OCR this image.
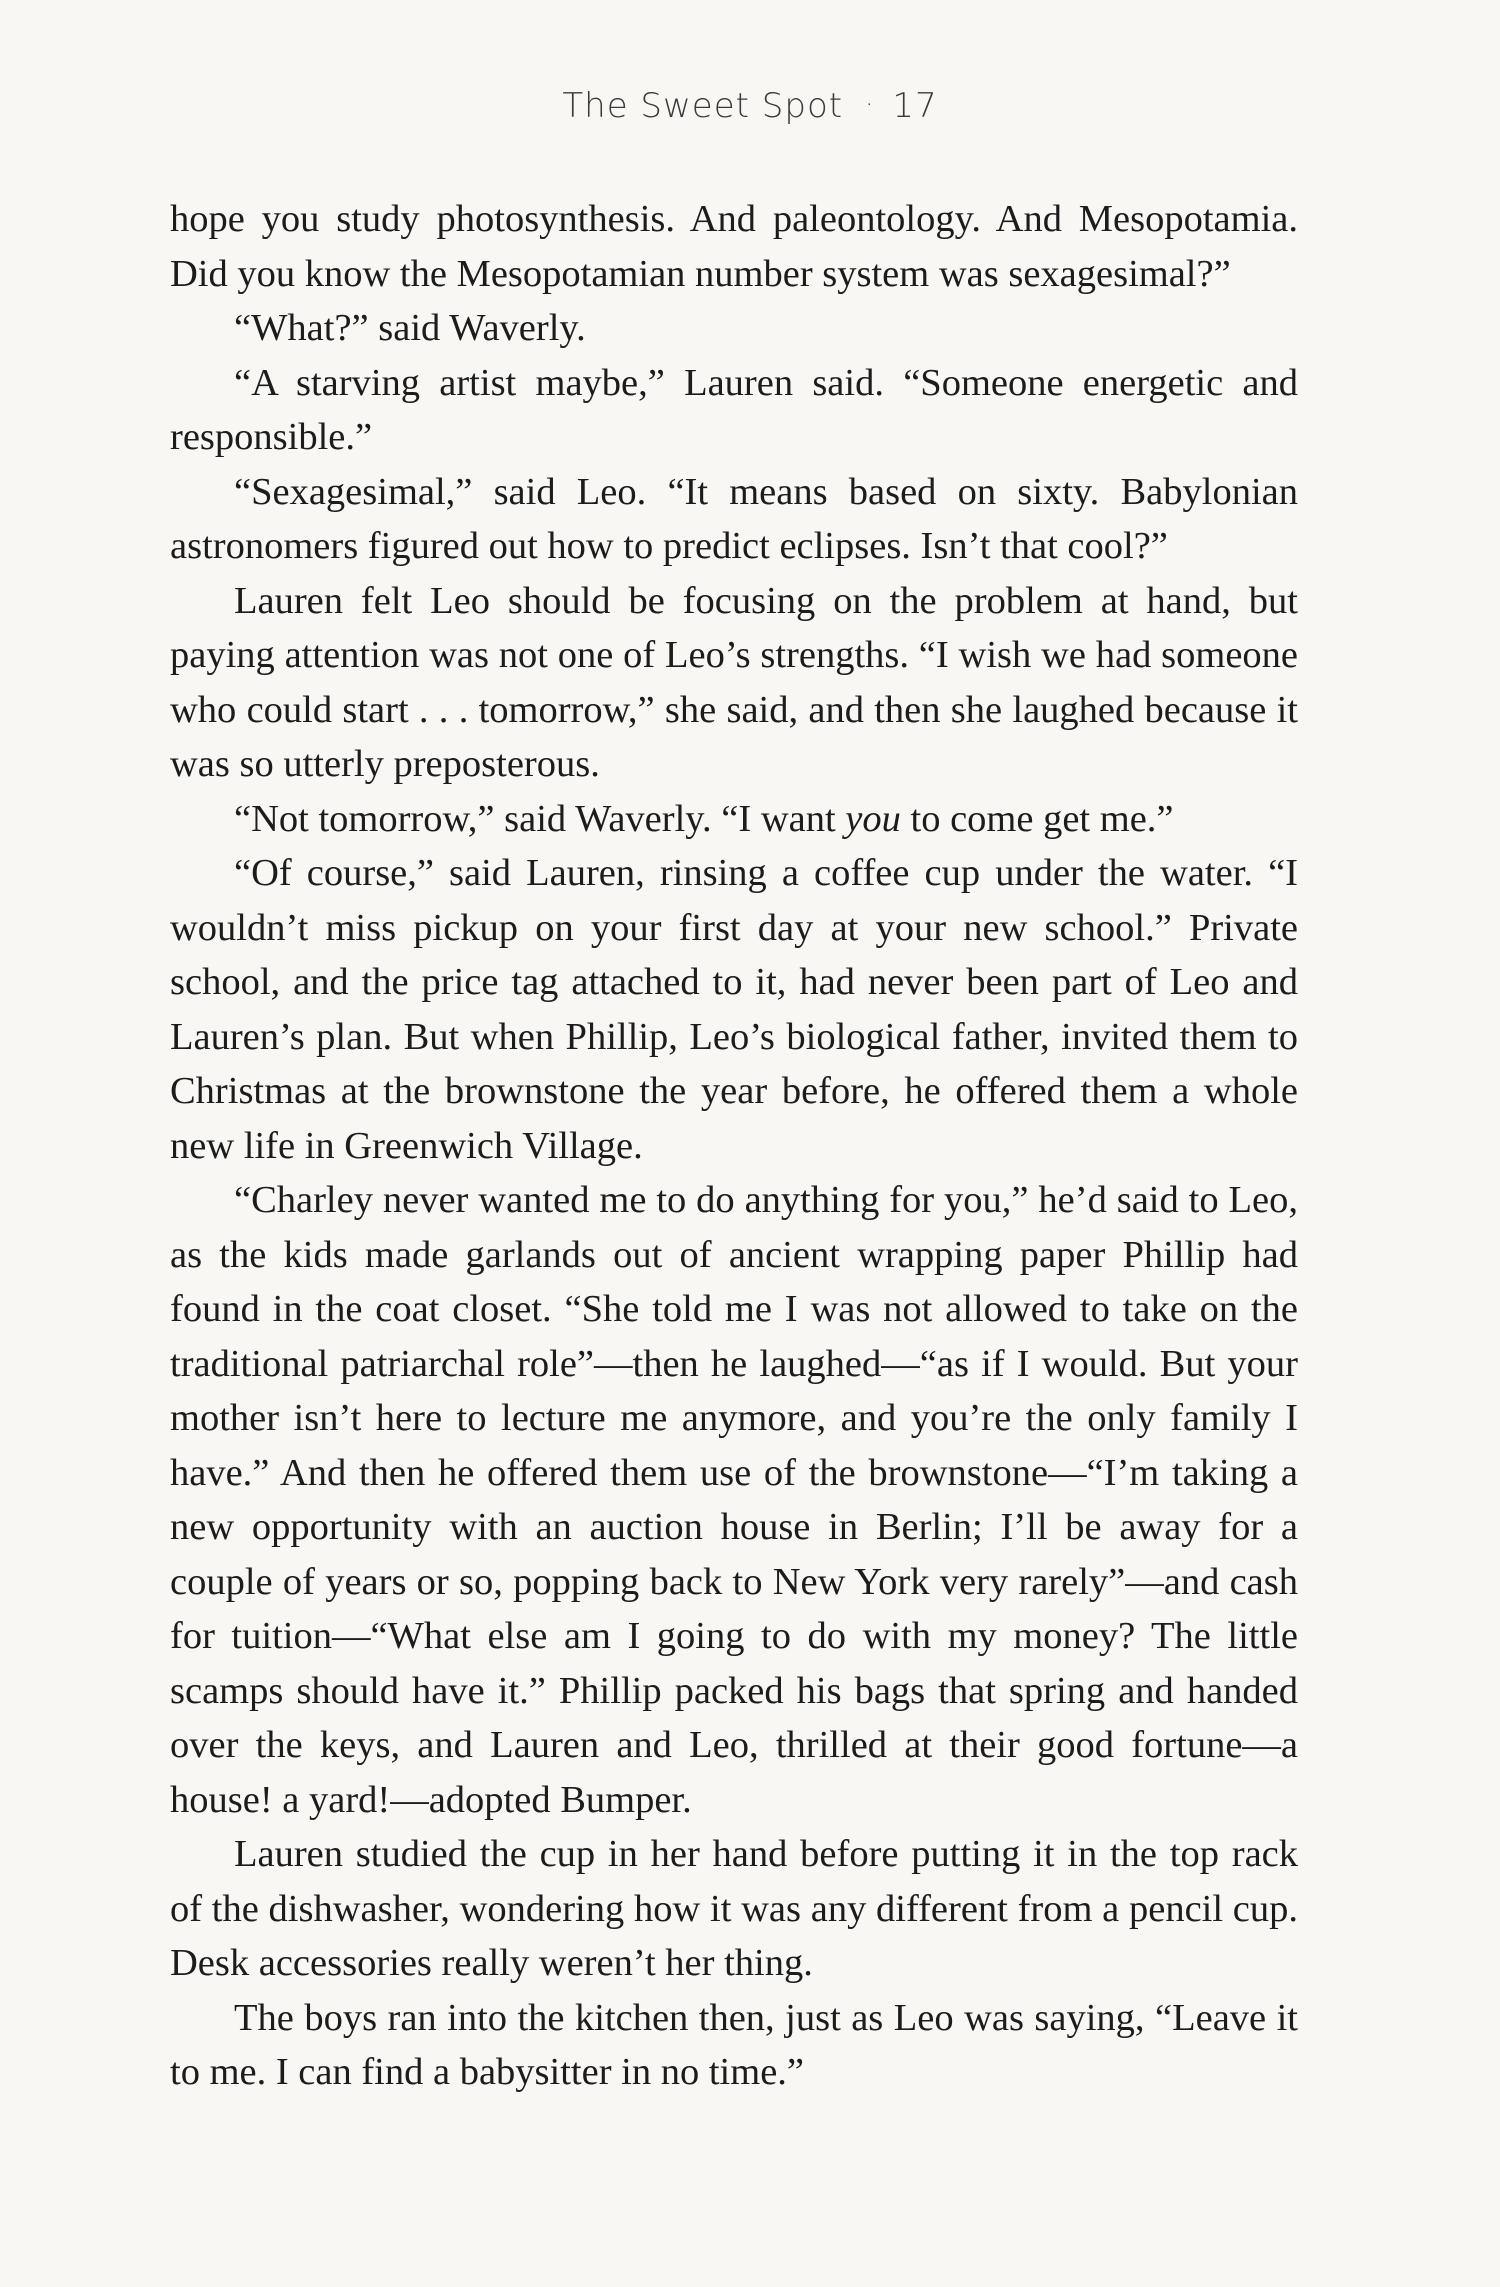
The Sweet Spot · 17

hope you study photosynthesis. And paleontology. And Mesopotamia. Did you know the Mesopotamian number system was sexagesimal?”

“What?” said Waverly.

“A starving artist maybe,” Lauren said. “Someone energetic and responsible.”

“Sexagesimal,” said Leo. “It means based on sixty. Babylonian astronomers figured out how to predict eclipses. Isn’t that cool?”

Lauren felt Leo should be focusing on the problem at hand, but paying attention was not one of Leo’s strengths. “I wish we had someone who could start . . . tomorrow,” she said, and then she laughed because it was so utterly preposterous.

“Not tomorrow,” said Waverly. “I want you to come get me.”

“Of course,” said Lauren, rinsing a coffee cup under the water. “I wouldn’t miss pickup on your first day at your new school.” Private school, and the price tag attached to it, had never been part of Leo and Lauren’s plan. But when Phillip, Leo’s biological father, invited them to Christmas at the brownstone the year before, he offered them a whole new life in Greenwich Village.

“Charley never wanted me to do anything for you,” he’d said to Leo, as the kids made garlands out of ancient wrapping paper Phillip had found in the coat closet. “She told me I was not allowed to take on the traditional patriarchal role”—then he laughed—“as if I would. But your mother isn’t here to lecture me anymore, and you’re the only family I have.” And then he offered them use of the brownstone—“I’m taking a new opportunity with an auction house in Berlin; I’ll be away for a couple of years or so, popping back to New York very rarely”—and cash for tuition—“What else am I going to do with my money? The little scamps should have it.” Phillip packed his bags that spring and handed over the keys, and Lauren and Leo, thrilled at their good fortune—a house! a yard!—adopted Bumper.

Lauren studied the cup in her hand before putting it in the top rack of the dishwasher, wondering how it was any different from a pencil cup. Desk accessories really weren’t her thing.

The boys ran into the kitchen then, just as Leo was saying, “Leave it to me. I can find a babysitter in no time.”
